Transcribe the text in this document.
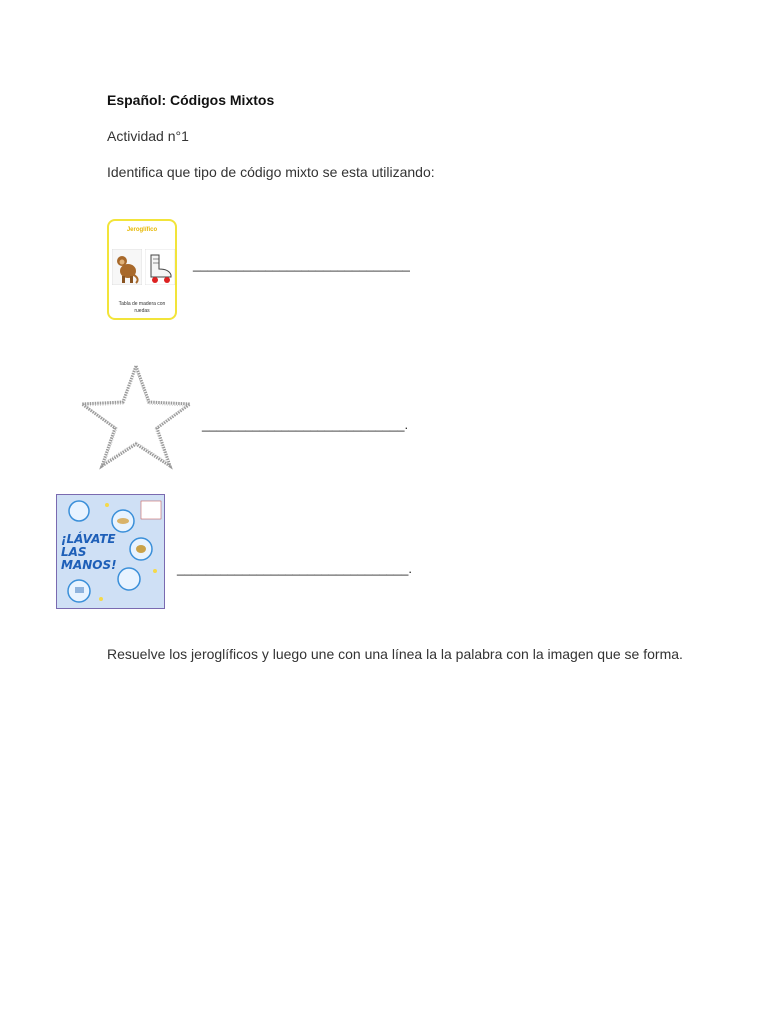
Español: Códigos Mixtos
Actividad n°1
Identifica que tipo de código mixto se esta utilizando:
Jeroglífico
Tabla de madera con ruedas
______________________________
____________________________.
¡LÁVATE LAS MANOS!	________________________________.
Resuelve los jeroglíficos y luego une con una línea la la palabra con la imagen que se forma.
